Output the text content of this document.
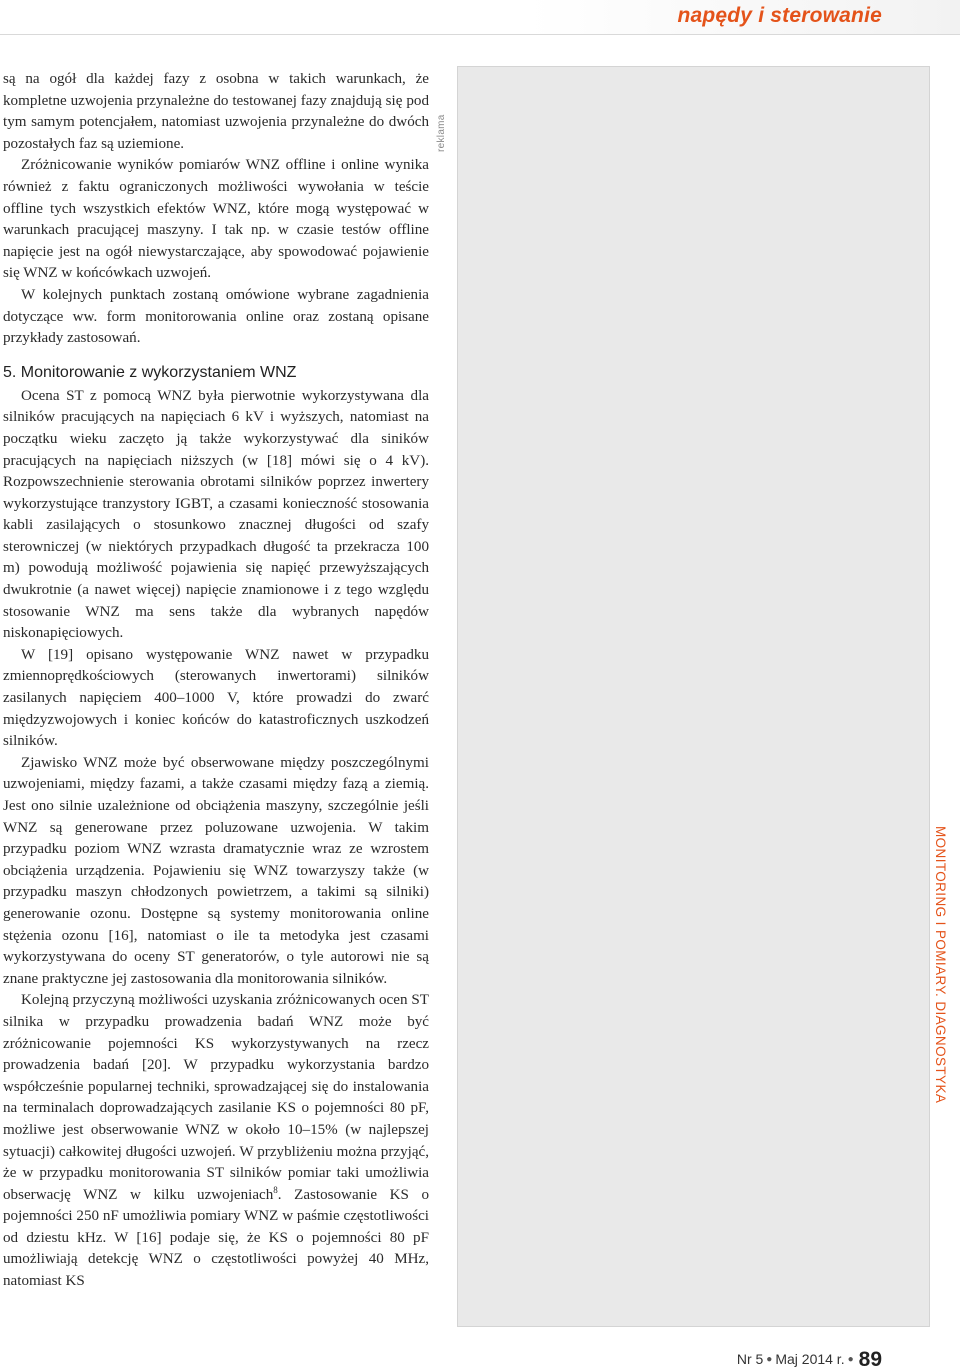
napędy i sterowanie

są na ogół dla każdej fazy z osobna w takich warunkach, że kompletne uzwojenia przynależne do testowanej fazy znajdują się pod tym samym potencjałem, natomiast uzwojenia przynależne do dwóch pozostałych faz są uziemione.

Zróżnicowanie wyników pomiarów WNZ offline i online wynika również z faktu ograniczonych możliwości wywołania w teście offline tych wszystkich efektów WNZ, które mogą występować w warunkach pracującej maszyny. I tak np. w czasie testów offline napięcie jest na ogół niewystarczające, aby spowodować pojawienie się WNZ w końcówkach uzwojeń.

W kolejnych punktach zostaną omówione wybrane zagadnienia dotyczące ww. form monitorowania online oraz zostaną opisane przykłady zastosowań.

5. Monitorowanie z wykorzystaniem WNZ

Ocena ST z pomocą WNZ była pierwotnie wykorzystywana dla silników pracujących na napięciach 6 kV i wyższych, natomiast na początku wieku zaczęto ją także wykorzystywać dla siników pracujących na napięciach niższych (w [18] mówi się o 4 kV). Rozpowszechnienie sterowania obrotami silników poprzez inwertery wykorzystujące tranzystory IGBT, a czasami konieczność stosowania kabli zasilających o stosunkowo znacznej długości od szafy sterowniczej (w niektórych przypadkach długość ta przekracza 100 m) powodują możliwość pojawienia się napięć przewyższających dwukrotnie (a nawet więcej) napięcie znamionowe i z tego względu stosowanie WNZ ma sens także dla wybranych napędów niskonapięciowych.

W [19] opisano występowanie WNZ nawet w przypadku zmiennoprędkościowych (sterowanych inwertorami) silników zasilanych napięciem 400–1000 V, które prowadzi do zwarć międzyzwojowych i koniec końców do katastroficznych uszkodzeń silników.

Zjawisko WNZ może być obserwowane między poszczególnymi uzwojeniami, między fazami, a także czasami między fazą a ziemią. Jest ono silnie uzależnione od obciążenia maszyny, szczególnie jeśli WNZ są generowane przez poluzowane uzwojenia. W takim przypadku poziom WNZ wzrasta dramatycznie wraz ze wzrostem obciążenia urządzenia. Pojawieniu się WNZ towarzyszy także (w przypadku maszyn chłodzonych powietrzem, a takimi są silniki) generowanie ozonu. Dostępne są systemy monitorowania online stężenia ozonu [16], natomiast o ile ta metodyka jest czasami wykorzystywana do oceny ST generatorów, o tyle autorowi nie są znane praktyczne jej zastosowania dla monitorowania silników.

Kolejną przyczyną możliwości uzyskania zróżnicowanych ocen ST silnika w przypadku prowadzenia badań WNZ może być zróżnicowanie pojemności KS wykorzystywanych na rzecz prowadzenia badań [20]. W przypadku wykorzystania bardzo współcześnie popularnej techniki, sprowadzającej się do instalowania na terminalach doprowadzających zasilanie KS o pojemności 80 pF, możliwe jest obserwowanie WNZ w około 10–15% (w najlepszej sytuacji) całkowitej długości uzwojeń. W przybliżeniu można przyjąć, że w przypadku monitorowania ST silników pomiar taki umożliwia obserwację WNZ w kilku uzwojeniach$^8$. Zastosowanie KS o pojemności 250 nF umożliwia pomiary WNZ w paśmie częstotliwości od dziestu kHz. W [16] podaje się, że KS o pojemności 80 pF umożliwiają detekcję WNZ o częstotliwości powyżej 40 MHz, natomiast KS

reklama
MONITORING I POMIARY. DIAGNOSTYKA
Nr 5 ● Maj 2014 r. ● 89
